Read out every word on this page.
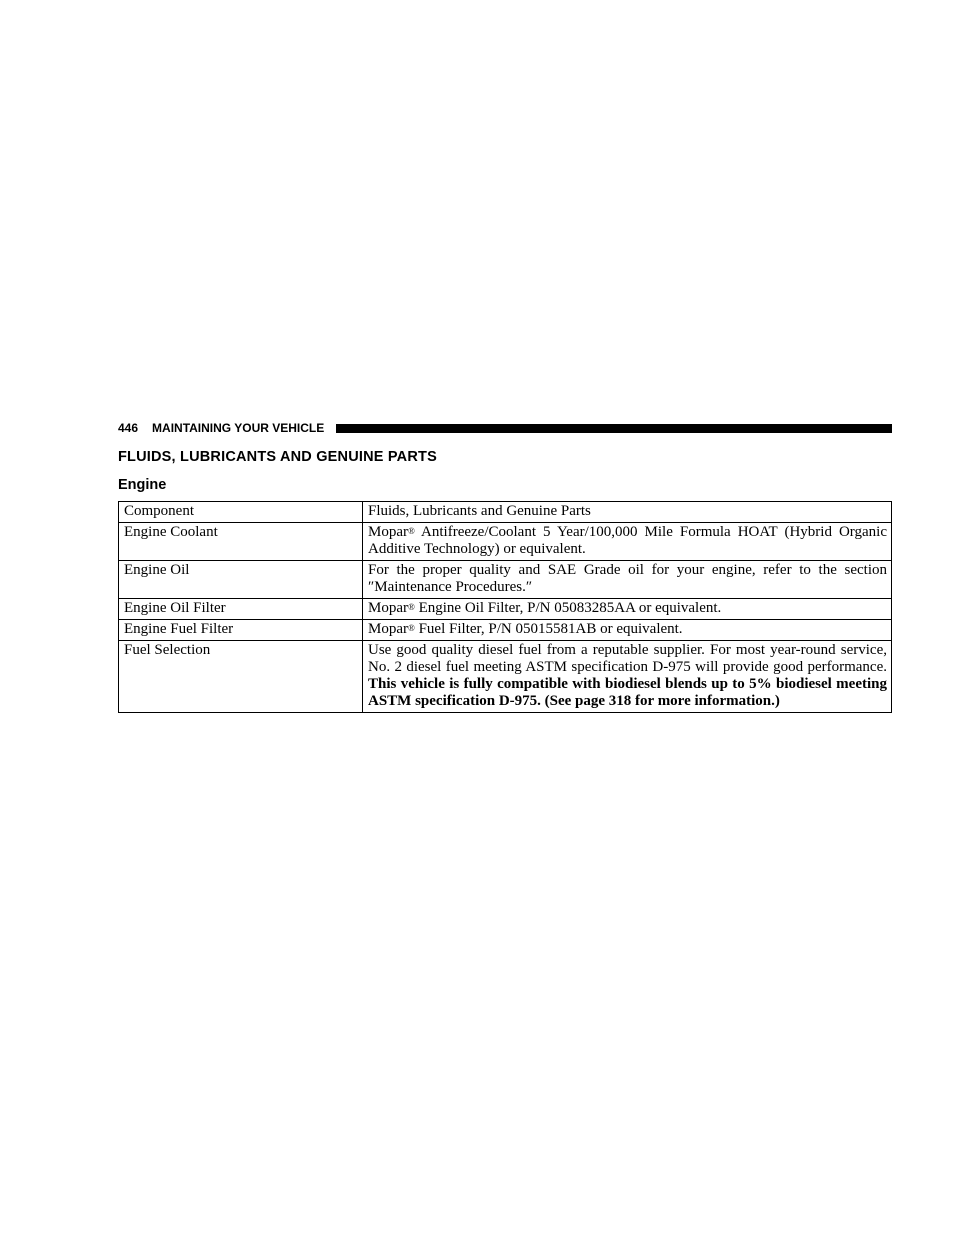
446 MAINTAINING YOUR VEHICLE
FLUIDS, LUBRICANTS AND GENUINE PARTS
Engine
Component	Fluids, Lubricants and Genuine Parts
Engine Coolant	Mopar® Antifreeze/Coolant 5 Year/100,000 Mile Formula HOAT (Hybrid Organic Additive Technology) or equivalent.
Engine Oil	For the proper quality and SAE Grade oil for your engine, refer to the section ″Maintenance Procedures.″
Engine Oil Filter	Mopar® Engine Oil Filter, P/N 05083285AA or equivalent.
Engine Fuel Filter	Mopar® Fuel Filter, P/N 05015581AB or equivalent.
Fuel Selection	Use good quality diesel fuel from a reputable supplier. For most year-round service, No. 2 diesel fuel meeting ASTM specification D-975 will provide good performance. This vehicle is fully compatible with biodiesel blends up to 5% biodiesel meeting ASTM specification D-975. (See page 318 for more information.)
